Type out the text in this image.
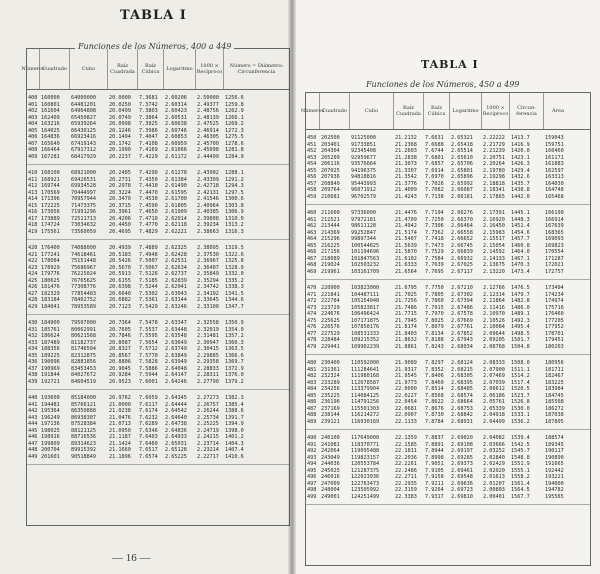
TABLA I
Funciones de los Números, 400 a 449
Números
Cuadrado	Cubo	Raíz Cuadrada
Raíz Cúbica	Logaritmo	1000 × Recíproco
Número = Diámetro: Circunferencia
400 160000	64000000	20.0000	7.3681	2.60206	2.50000	1256.6
401 160801	64481201	20.0250	7.3742	2.60314	2.49377	1259.8
402 161604	64964808	20.0499	7.3803	2.60423	2.48756	1262.9
403 162409	65450827	20.0749	7.3864	2.60531	2.48139	1266.1
404 163216	65939264	20.0998	7.3925	2.60638	2.47525	1269.2
405 164025	66430125	20.1246	7.3986	2.60746	2.46914	1272.3
406 164836	66923416	20.1494	7.4047	2.60853	2.46305	1275.5
407 165649	67419143	20.1742	7.4108	2.60959	2.45700	1278.6
408 166464	67917312	20.1990	7.4169	2.61066	2.45098	1281.8
409 167281	68417929	20.2237	7.4229	2.61172	2.44499	1284.9
410 168100	68921000	20.2485	7.4290	2.61278	2.43902	1288.1
411 168921	69426531	20.2731	7.4350	2.61384	2.43309	1291.2
412 169744	69934528	20.2978	7.4410	2.61490	2.42718	1294.3
413 170569	70444997	20.3224	7.4470	2.61595	2.42131	1297.5
414 171396	70957944	20.3470	7.4530	2.61700	2.41546	1300.6
415 172225	71473375	20.3715	7.4590	2.61805	2.40964	1303.8
416 173056	71991296	20.3961	7.4650	2.61909	2.40385	1306.9
417 173889	72511713	20.4206	7.4710	2.62014	2.39808	1310.0
418 174724	73034632	20.4450	7.4770	2.62118	2.39234	1313.2
419 175561	73560059	20.4695	7.4829	2.62221	2.38663	1316.3
420 176400	74088000	20.4939	7.4889	2.62325	2.38095	1319.5
421 177241	74618461	20.5183	7.4948	2.62428	2.37530	1322.6
422 178084	75151448	20.5426	7.5007	2.62531	2.36967	1325.8
423 178929	75686967	20.5670	7.5067	2.62634	2.36407	1328.9
424 179776	76225024	20.5913	7.5126	2.62737	2.35849	1332.0
425 180625	76765625	20.6155	7.5185	2.62839	2.35294	1335.2
426 181476	77308776	20.6398	7.5244	2.62941	2.34742	1338.3
427 182329	77854483	20.6640	7.5302	2.63043	2.34192	1341.5
428 183184	78402752	20.6882	7.5361	2.63144	2.33645	1344.6
429 184041	78953589	20.7123	7.5420	2.63246	2.33100	1347.7
430 184900	79507000	20.7364	7.5478	2.63347	2.32558	1350.9
431 185761	80062991	20.7605	7.5537	2.63448	2.32019	1354.0
432 186624	80621568	20.7846	7.5595	2.63548	2.31481	1357.2
433 187489	81182737	20.8087	7.5654	2.63649	2.30947	1360.3
434 188356	81746504	20.8327	7.5712	2.63749	2.30415	1363.5
435 189225	82312875	20.8567	7.5770	2.63849	2.29885	1366.6
436 190096	82881856	20.8806	7.5828	2.63949	2.29358	1369.7
437 190969	83453453	20.9045	7.5886	2.64048	2.28833	1372.9
438 191844	84027672	20.9284	7.5944	2.64147	2.28311	1376.0
439 192721	84604519	20.9523	7.6001	2.64246	2.27790	1379.2
440 193600	85184000	20.9762	7.6059	2.64345	2.27273	1382.3
441 194481	85766121	21.0000	7.6117	2.64444	2.26757	1385.4
442 195364	86350888	21.0238	7.6174	2.64542	2.26244	1388.6
443 196249	86938307	21.0476	7.6232	2.64640	2.25734	1391.7
444 197136	87528384	21.0713	7.6289	2.64738	2.25225	1394.9
445 198025	88121125	21.0950	7.6346	2.64836	2.24719	1398.0
446 198916	88716536	21.1187	7.6403	2.64933	2.24215	1401.2
447 199809	89314623	21.1424	7.6460	2.65031	2.23714	1404.3
448 200704	89915392	21.1660	7.6517	2.65128	2.23214	1407.4
449 201601	90518849	21.1896	7.6574	2.65225	2.22717	1410.6
— 16 —
TABLA I
Funciones de los Números, 450 a 499
Números
Cuadrado	Cubo	Raíz Cuadrada
Raíz Cúbica	Logaritmo	1000 × Recíproco
Circun-ferencia	Área
450 202500	91125000	21.2132	7.6631	2.65321	2.22222	1413.7	159043
451 203401	91733851	21.2368	7.6688	2.65418	2.21729	1416.9	159751
452 204304	92345408	21.2603	7.6744	2.65514	2.21239	1420.0	160460
453 205209	92959677	21.2838	7.6801	2.65610	2.20751	1423.1	161171
454 206116	93576664	21.3073	7.6857	2.65706	2.20264	1426.3	161883
455 207025	94196375	21.3307	7.6914	2.65801	2.19780	1429.4	162597
456 207936	94818816	21.3542	7.6970	2.65896	2.19298	1432.6	163313
457 208849	95443993	21.3776	7.7026	2.65992	2.18818	1435.7	164030
458 209764	96071912	21.4009	7.7082	2.66087	2.18341	1438.8	164748
459 210681	96702579	21.4243	7.7138	2.66181	2.17865	1442.0	165468
460 211600	97336000	21.4476	7.7194	2.66276	2.17391	1445.1	166190
461 212521	97972181	21.4709	7.7250	2.66370	2.16920	1448.3	166914
462 213444	98611128	21.4942	7.7306	2.66464	2.16450	1451.4	167639
463 214369	99252847	21.5174	7.7362	2.66558	2.15983	1454.6	168365
464 215296	99897344	21.5407	7.7418	2.66652	2.15517	1457.7	169093
465 216225	100544625	21.5639	7.7473	2.66745	2.15054	1460.8	169823
466 217156	101194696	21.5870	7.7529	2.66839	2.14592	1464.0	170554
467 218089	101847563	21.6102	7.7584	2.66932	2.14133	1467.1	171287
468 219024	102503232	21.6333	7.7639	2.67025	2.13675	1470.3	172021
469 219961	103161709	21.6564	7.7695	2.67117	2.13220	1473.4	172757
470 220900	103823000	21.6795	7.7750	2.67210	2.12766	1476.5	173494
471 221841	104487111	21.7025	7.7805	2.67302	2.12314	1479.7	174234
472 222784	105154048	21.7256	7.7860	2.67394	2.11864	1482.8	174974
473 223729	105823817	21.7486	7.7915	2.67486	2.11416	1486.0	175716
474 224676	106496424	21.7715	7.7970	2.67578	2.10970	1489.1	176460
475 225625	107171875	21.7945	7.8025	2.67669	2.10526	1492.3	177205
476 226576	107850176	21.8174	7.8079	2.67761	2.10084	1495.4	177952
477 227529	108531333	21.8403	7.8134	2.67852	2.09644	1498.5	178701
478 228484	109215352	21.8632	7.8188	2.67943	2.09205	1501.7	179451
479 229441	109902239	21.8861	7.8243	2.68034	2.08768	1504.8	180203
480 230400	110592000	21.9089	7.8297	2.68124	2.08333	1508.0	180956
481 231361	111284641	21.9317	7.8352	2.68215	2.07900	1511.1	181711
482 232324	111980168	21.9545	7.8406	2.68305	2.07469	1514.2	182467
483 233289	112678587	21.9773	7.8460	2.68395	2.07039	1517.4	183225
484 234256	113379904	22.0000	7.8514	2.68485	2.06612	1520.5	183984
485 235225	114084125	22.0227	7.8568	2.68574	2.06186	1523.7	184745
486 236196	114791256	22.0454	7.8622	2.68664	2.05761	1526.8	185508
487 237169	115501303	22.0681	7.8676	2.68753	2.05339	1530.0	186272
488 238144	116214272	22.0907	7.8730	2.68842	2.04918	1533.1	187038
489 239121	116930169	22.1133	7.8784	2.68931	2.04499	1536.2	187805
490 240100	117649000	22.1359	7.8837	2.69020	2.04082	1539.4	188574
491 241081	118370771	22.1585	7.8891	2.69108	2.03666	1542.5	189345
492 242064	119095488	22.1811	7.8944	2.69197	2.03252	1545.7	190117
493 243049	119823157	22.2036	7.8998	2.69285	2.02840	1548.8	190890
494 244036	120553784	22.2261	7.9051	2.69373	2.02429	1551.9	191665
495 245025	121287375	22.2486	7.9105	2.69461	2.02020	1555.1	192442
496 246016	122023936	22.2711	7.9158	2.69548	2.01613	1558.2	193221
497 247009	122763473	22.2935	7.9211	2.69636	2.01207	1561.4	194000
498 248004	123505992	22.3159	7.9264	2.69723	2.00803	1564.5	194782
499 249001	124251499	22.3383	7.9317	2.69810	2.00401	1567.7	195565
